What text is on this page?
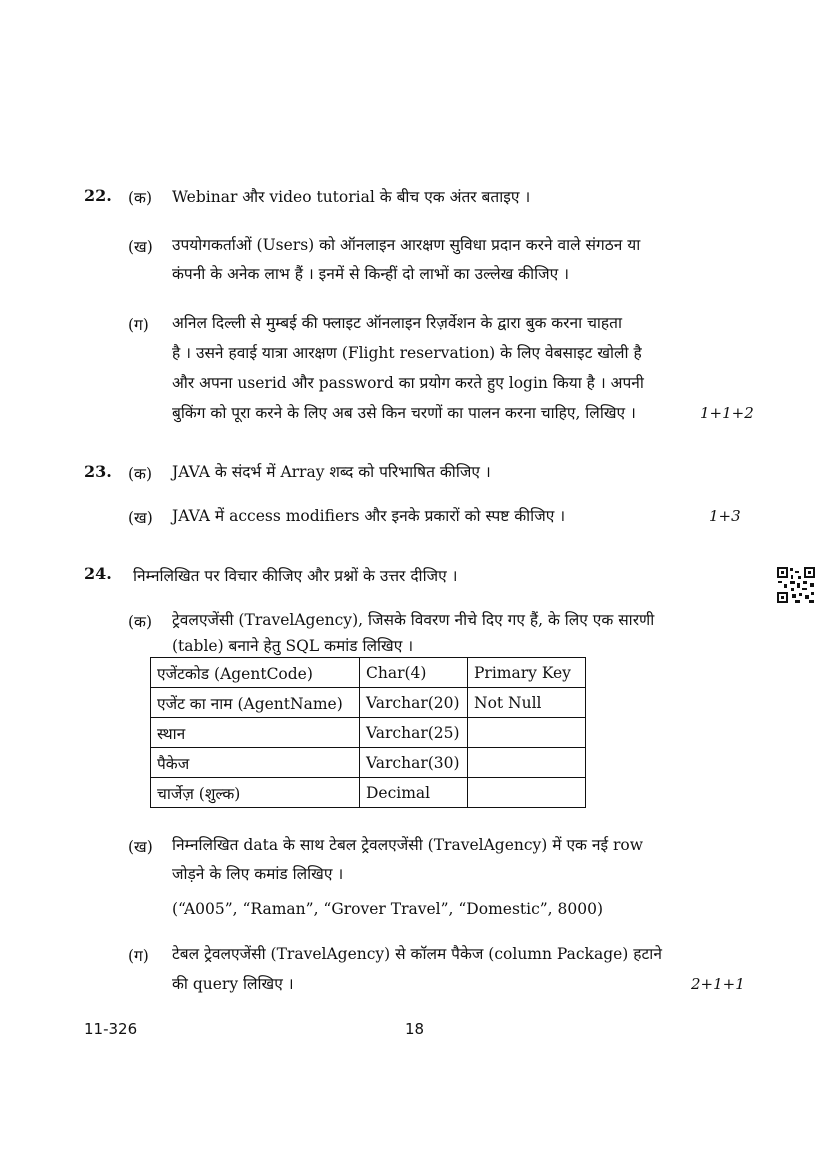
22. (क) Webinar और video tutorial के बीच एक अंतर बताइए ।
(ख) उपयोगकर्ताओं (Users) को ऑनलाइन आरक्षण सुविधा प्रदान करने वाले संगठन या
कंपनी के अनेक लाभ हैं । इनमें से किन्हीं दो लाभों का उल्लेख कीजिए ।
(ग) अनिल दिल्ली से मुम्बई की फ्लाइट ऑनलाइन रिज़र्वेशन के द्वारा बुक करना चाहता
है । उसने हवाई यात्रा आरक्षण (Flight reservation) के लिए वेबसाइट खोली है
और अपना userid और password का प्रयोग करते हुए login किया है । अपनी
बुकिंग को पूरा करने के लिए अब उसे किन चरणों का पालन करना चाहिए, लिखिए ।	1+1+2
23. (क) JAVA के संदर्भ में Array शब्द को परिभाषित कीजिए ।
(ख) JAVA में access modifiers और इनके प्रकारों को स्पष्ट कीजिए ।	1+3
24. निम्नलिखित पर विचार कीजिए और प्रश्नों के उत्तर दीजिए ।
(क) ट्रेवलएजेंसी (TravelAgency), जिसके विवरण नीचे दिए गए हैं, के लिए एक सारणी
(table) बनाने हेतु SQL कमांड लिखिए ।
एजेंटकोड (AgentCode)	Char(4)	Primary Key
एजेंट का नाम (AgentName)	Varchar(20)	Not Null
स्थान	Varchar(25)	
पैकेज	Varchar(30)	
चार्जेज़ (शुल्क)	Decimal	
(ख) निम्नलिखित data के साथ टेबल ट्रेवलएजेंसी (TravelAgency) में एक नई row
जोड़ने के लिए कमांड लिखिए ।
(“A005”, “Raman”, “Grover Travel”, “Domestic”, 8000)
(ग) टेबल ट्रेवलएजेंसी (TravelAgency) से कॉलम पैकेज (column Package) हटाने
की query लिखिए ।	2+1+1
11-326	18
